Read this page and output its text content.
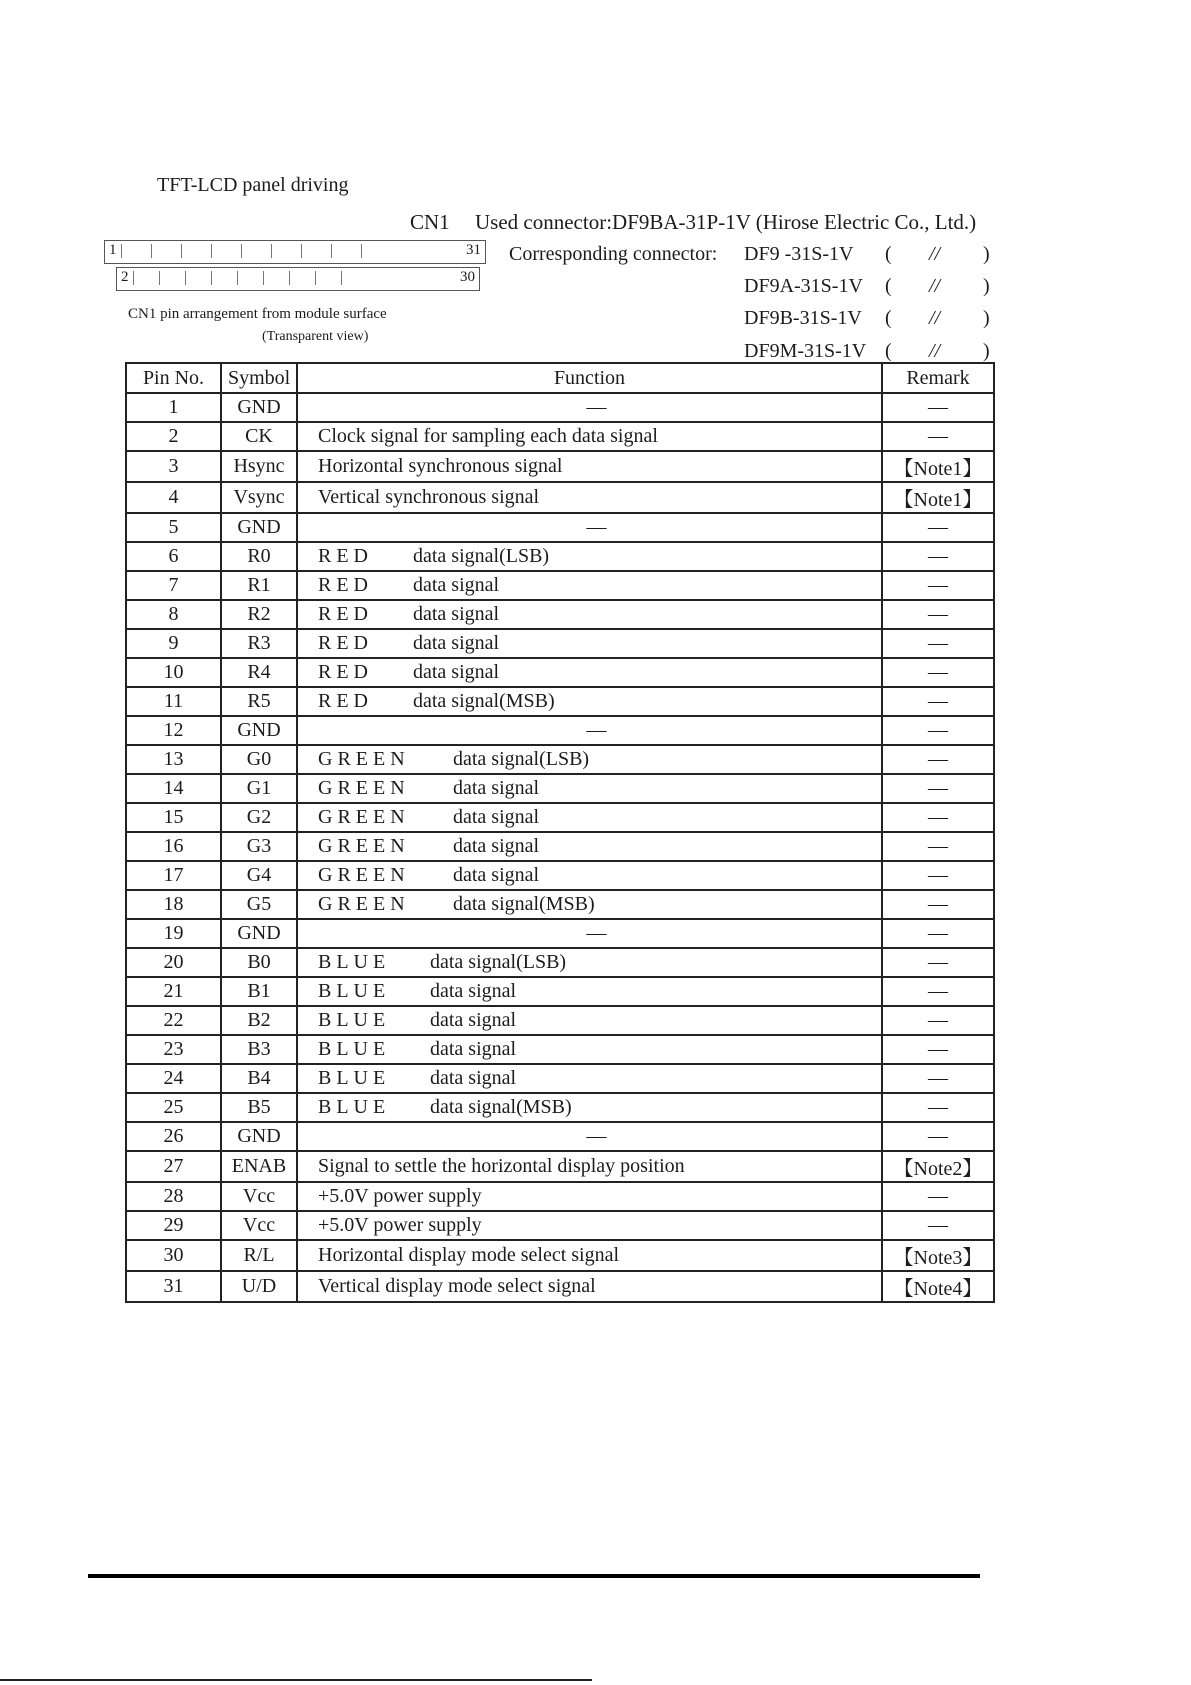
TFT-LCD panel driving
CN1 Used connector:DF9BA-31P-1V (Hirose Electric Co., Ltd.)
Corresponding connector: DF9 -31S-1V ( // )
DF9A-31S-1V ( // )
DF9B-31S-1V ( // )
DF9M-31S-1V ( // )
1	31
2	30
CN1 pin arrangement from module surface
(Transparent view)
Pin No.	Symbol	Function	Remark
1	GND	—	—
2	CK	Clock signal for sampling each data signal	—
3	Hsync	Horizontal synchronous signal	【Note1】
4	Vsync	Vertical synchronous signal	【Note1】
5	GND	—	—
6	R0	RED data signal(LSB)	—
7	R1	RED data signal	—
8	R2	RED data signal	—
9	R3	RED data signal	—
10	R4	RED data signal	—
11	R5	RED data signal(MSB)	—
12	GND	—	—
13	G0	GREEN data signal(LSB)	—
14	G1	GREEN data signal	—
15	G2	GREEN data signal	—
16	G3	GREEN data signal	—
17	G4	GREEN data signal	—
18	G5	GREEN data signal(MSB)	—
19	GND	—	—
20	B0	BLUE data signal(LSB)	—
21	B1	BLUE data signal	—
22	B2	BLUE data signal	—
23	B3	BLUE data signal	—
24	B4	BLUE data signal	—
25	B5	BLUE data signal(MSB)	—
26	GND	—	—
27	ENAB	Signal to settle the horizontal display position	【Note2】
28	Vcc	+5.0V power supply	—
29	Vcc	+5.0V power supply	—
30	R/L	Horizontal display mode select signal	【Note3】
31	U/D	Vertical display mode select signal	【Note4】
